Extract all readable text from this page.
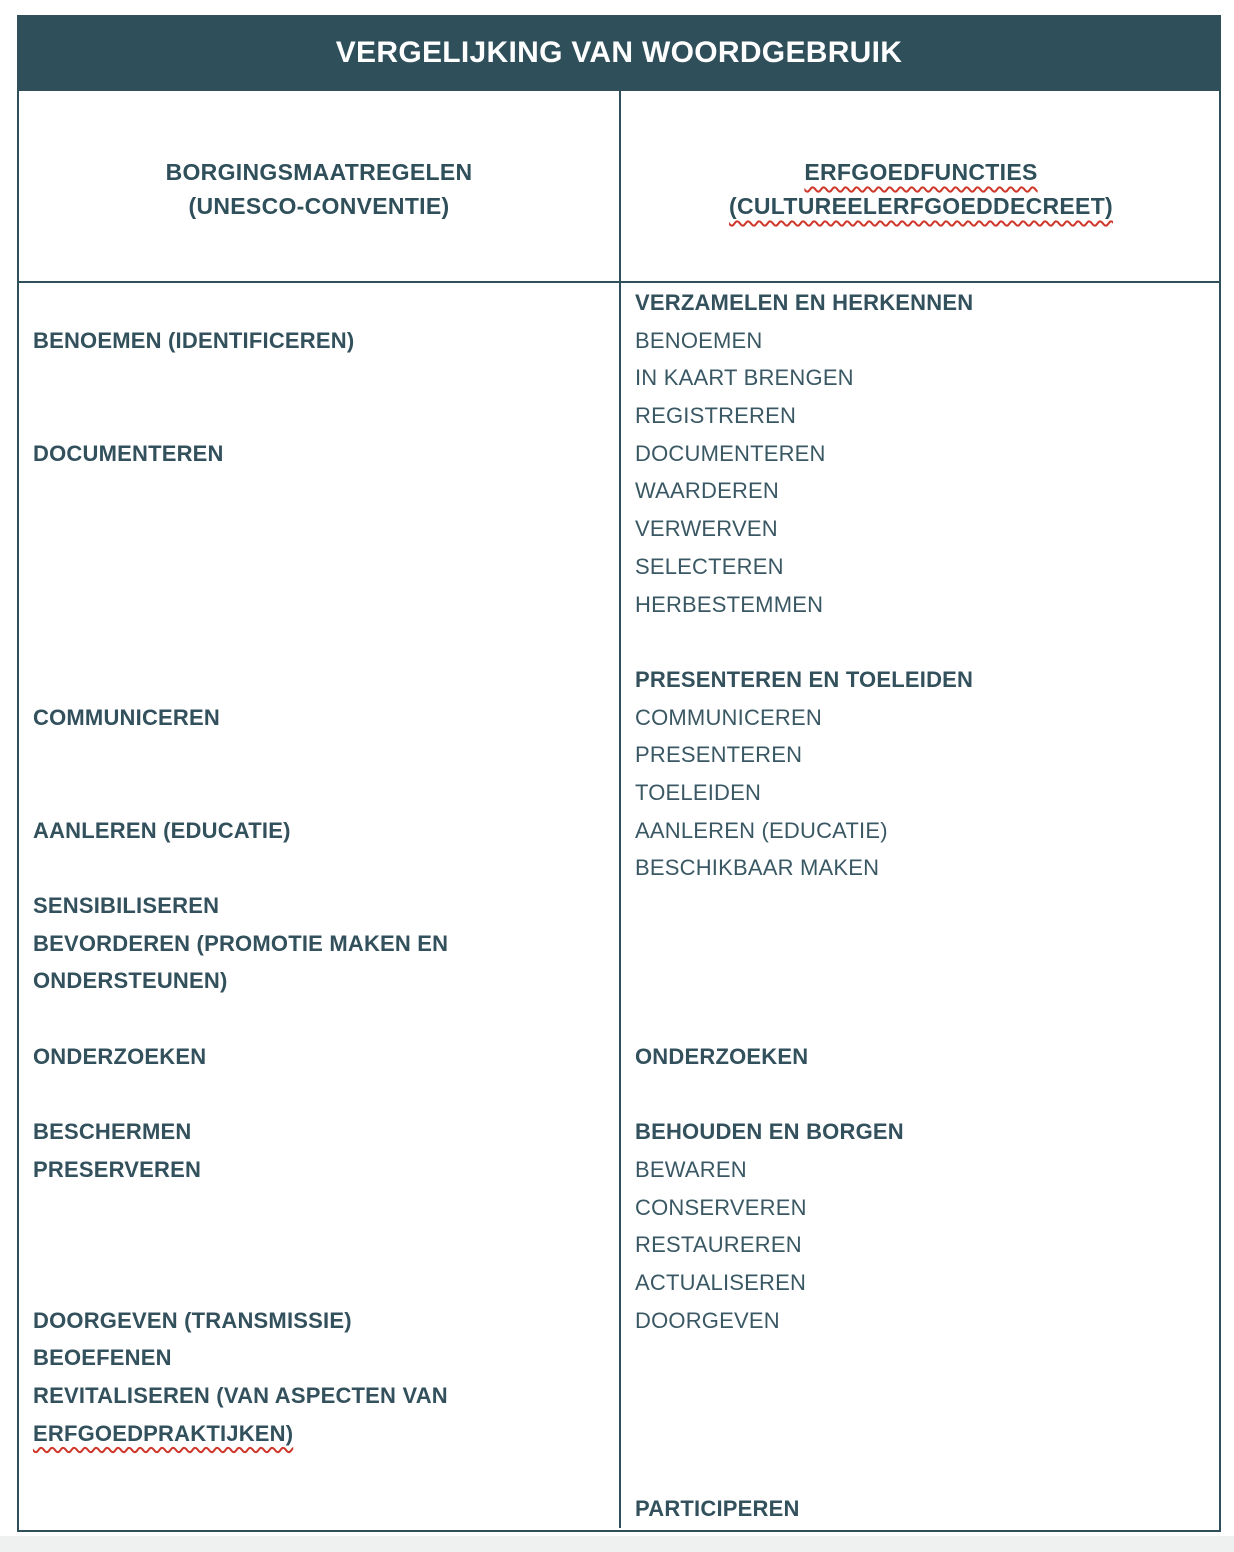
VERGELIJKING VAN WOORDGEBRUIK
BORGINGSMAATREGELEN
(UNESCO-CONVENTIE)
ERFGOEDFUNCTIES
(CULTUREELERFGOEDDECREET)

BENOEMEN (IDENTIFICEREN)

DOCUMENTEREN

COMMUNICEREN

AANLEREN (EDUCATIE)

SENSIBILISEREN
BEVORDEREN (PROMOTIE MAKEN EN
ONDERSTEUNEN)

ONDERZOEKEN

BESCHERMEN
PRESERVEREN

DOORGEVEN (TRANSMISSIE)
BEOEFENEN
REVITALISEREN (VAN ASPECTEN VAN
ERFGOEDPRAKTIJKEN)

VERZAMELEN EN HERKENNEN
BENOEMEN
IN KAART BRENGEN
REGISTREREN
DOCUMENTEREN
WAARDEREN
VERWERVEN
SELECTEREN
HERBESTEMMEN

PRESENTEREN EN TOELEIDEN
COMMUNICEREN
PRESENTEREN
TOELEIDEN
AANLEREN (EDUCATIE)
BESCHIKBAAR MAKEN

ONDERZOEKEN

BEHOUDEN EN BORGEN
BEWAREN
CONSERVEREN
RESTAUREREN
ACTUALISEREN
DOORGEVEN

PARTICIPEREN
